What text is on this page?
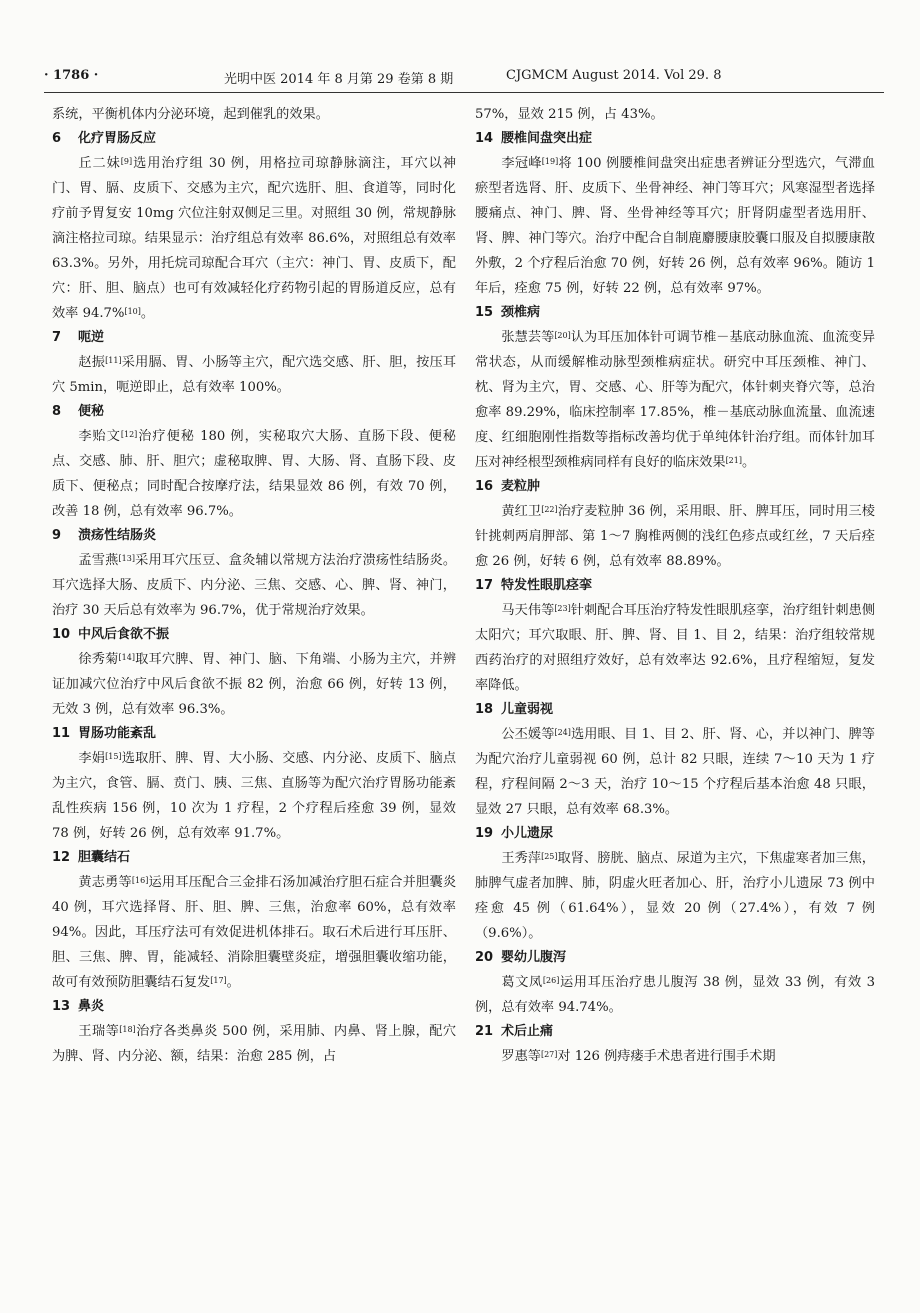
· 1786 ·	光明中医 2014 年 8 月第 29 卷第 8 期	CJGMCM August 2014. Vol 29. 8

系统，平衡机体内分泌环境，起到催乳的效果。

6 化疗胃肠反应

丘二妹[9]选用治疗组 30 例，用格拉司琼静脉滴注，耳穴以神门、胃、膈、皮质下、交感为主穴，配穴选肝、胆、食道等，同时化疗前予胃复安 10mg 穴位注射双侧足三里。对照组 30 例，常规静脉滴注格拉司琼。结果显示：治疗组总有效率 86.6%，对照组总有效率 63.3%。另外，用托烷司琼配合耳穴（主穴：神门、胃、皮质下，配穴：肝、胆、脑点）也可有效减轻化疗药物引起的胃肠道反应，总有效率 94.7%[10]。

7 呃逆

赵振[11]采用膈、胃、小肠等主穴，配穴选交感、肝、胆，按压耳穴 5min，呃逆即止，总有效率 100%。

8 便秘

李贻文[12]治疗便秘 180 例，实秘取穴大肠、直肠下段、便秘点、交感、肺、肝、胆穴；虚秘取脾、胃、大肠、肾、直肠下段、皮质下、便秘点；同时配合按摩疗法，结果显效 86 例，有效 70 例，改善 18 例，总有效率 96.7%。

9 溃疡性结肠炎

孟雪燕[13]采用耳穴压豆、盒灸辅以常规方法治疗溃疡性结肠炎。耳穴选择大肠、皮质下、内分泌、三焦、交感、心、脾、肾、神门，治疗 30 天后总有效率为 96.7%，优于常规治疗效果。

10 中风后食欲不振

徐秀菊[14]取耳穴脾、胃、神门、脑、下角端、小肠为主穴，并辨证加减穴位治疗中风后食欲不振 82 例，治愈 66 例，好转 13 例，无效 3 例，总有效率 96.3%。

11 胃肠功能紊乱

李娟[15]选取肝、脾、胃、大小肠、交感、内分泌、皮质下、脑点为主穴，食管、膈、贲门、胰、三焦、直肠等为配穴治疗胃肠功能紊乱性疾病 156 例，10 次为 1 疗程，2 个疗程后痊愈 39 例，显效 78 例，好转 26 例，总有效率 91.7%。

12 胆囊结石

黄志勇等[16]运用耳压配合三金排石汤加减治疗胆石症合并胆囊炎 40 例，耳穴选择肾、肝、胆、脾、三焦，治愈率 60%，总有效率 94%。因此，耳压疗法可有效促进机体排石。取石术后进行耳压肝、胆、三焦、脾、胃，能减轻、消除胆囊壁炎症，增强胆囊收缩功能，故可有效预防胆囊结石复发[17]。

13 鼻炎

王瑞等[18]治疗各类鼻炎 500 例，采用肺、内鼻、肾上腺，配穴为脾、肾、内分泌、额，结果：治愈 285 例，占

57%，显效 215 例，占 43%。

14 腰椎间盘突出症

李冠峰[19]将 100 例腰椎间盘突出症患者辨证分型选穴，气滞血瘀型者选肾、肝、皮质下、坐骨神经、神门等耳穴；风寒湿型者选择腰痛点、神门、脾、肾、坐骨神经等耳穴；肝肾阴虚型者选用肝、肾、脾、神门等穴。治疗中配合自制鹿麝腰康胶囊口服及自拟腰康散外敷，2 个疗程后治愈 70 例，好转 26 例，总有效率 96%。随访 1 年后，痊愈 75 例，好转 22 例，总有效率 97%。

15 颈椎病

张慧芸等[20]认为耳压加体针可调节椎－基底动脉血流、血流变异常状态，从而缓解椎动脉型颈椎病症状。研究中耳压颈椎、神门、枕、肾为主穴，胃、交感、心、肝等为配穴，体针刺夹脊穴等，总治愈率 89.29%，临床控制率 17.85%，椎－基底动脉血流量、血流速度、红细胞刚性指数等指标改善均优于单纯体针治疗组。而体针加耳压对神经根型颈椎病同样有良好的临床效果[21]。

16 麦粒肿

黄红卫[22]治疗麦粒肿 36 例，采用眼、肝、脾耳压，同时用三棱针挑刺两肩胛部、第 1～7 胸椎两侧的浅红色疹点或红丝，7 天后痊愈 26 例，好转 6 例，总有效率 88.89%。

17 特发性眼肌痉挛

马天伟等[23]针刺配合耳压治疗特发性眼肌痉挛，治疗组针刺患侧太阳穴；耳穴取眼、肝、脾、肾、目 1、目 2，结果：治疗组较常规西药治疗的对照组疗效好，总有效率达 92.6%，且疗程缩短，复发率降低。

18 儿童弱视

公丕媛等[24]选用眼、目 1、目 2、肝、肾、心，并以神门、脾等为配穴治疗儿童弱视 60 例，总计 82 只眼，连续 7～10 天为 1 疗程，疗程间隔 2～3 天，治疗 10～15 个疗程后基本治愈 48 只眼，显效 27 只眼，总有效率 68.3%。

19 小儿遗尿

王秀萍[25]取肾、膀胱、脑点、尿道为主穴，下焦虚寒者加三焦，肺脾气虚者加脾、肺，阴虚火旺者加心、肝，治疗小儿遗尿 73 例中痊愈 45 例（61.64%），显效 20 例（27.4%），有效 7 例（9.6%）。

20 婴幼儿腹泻

葛文凤[26]运用耳压治疗患儿腹泻 38 例，显效 33 例，有效 3 例，总有效率 94.74%。

21 术后止痛

罗惠等[27]对 126 例痔瘘手术患者进行围手术期
